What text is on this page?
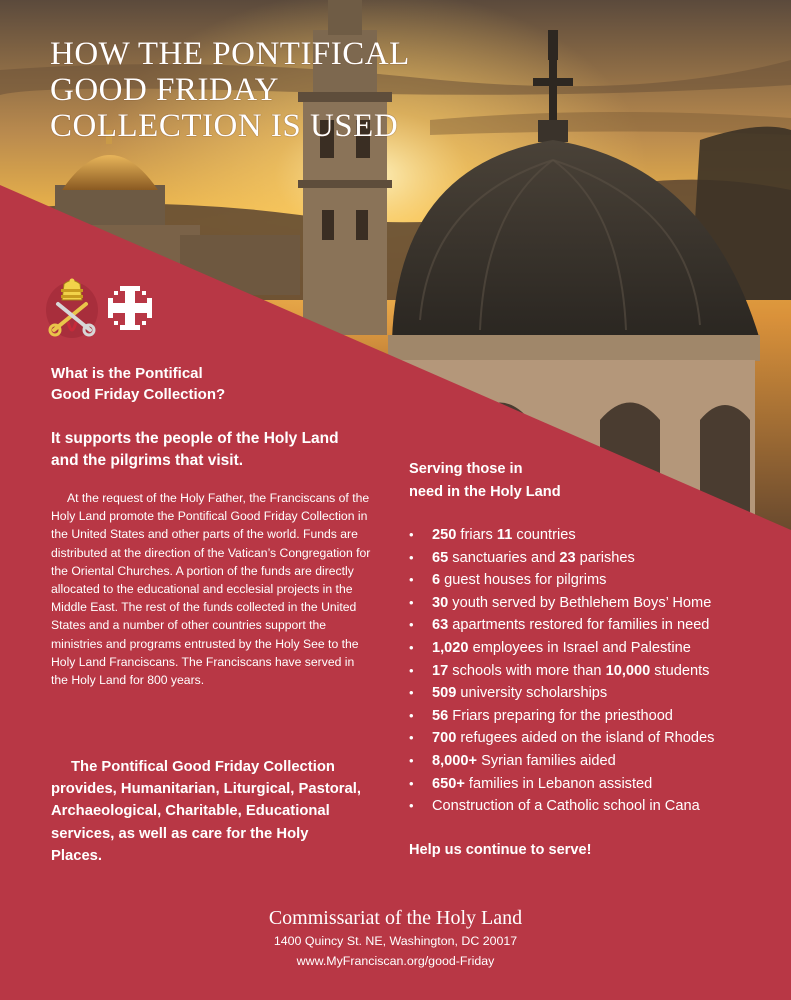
HOW THE PONTIFICAL
GOOD FRIDAY
COLLECTION IS USED
What is the Pontifical
Good Friday Collection?
It supports the people of the Holy Land
and the pilgrims that visit.

At the request of the Holy Father, the Franciscans of the Holy Land promote the Pontifical Good Friday Collection in the United States and other parts of the world. Funds are distributed at the direction of the Vatican’s Congregation for the Oriental Churches. A portion of the funds are directly allocated to the educational and ecclesial projects in the Middle East. The rest of the funds collected in the United States and a number of other countries support the ministries and programs entrusted by the Holy See to the Holy Land Franciscans. The Franciscans have served in the Holy Land for 800 years.

The Pontifical Good Friday Collection provides, Humanitarian, Liturgical, Pastoral, Archaeological, Charitable, Educational services, as well as care for the Holy Places.

Serving those in
need in the Holy Land
• 250 friars 11 countries
• 65 sanctuaries and 23 parishes
• 6 guest houses for pilgrims
• 30 youth served by Bethlehem Boys’ Home
• 63 apartments restored for families in need
• 1,020 employees in Israel and Palestine
• 17 schools with more than 10,000 students
• 509 university scholarships
• 56 Friars preparing for the priesthood
• 700 refugees aided on the island of Rhodes
• 8,000+ Syrian families aided
• 650+ families in Lebanon assisted
• Construction of a Catholic school in Cana

Help us continue to serve!

Commissariat of the Holy Land
1400 Quincy St. NE, Washington, DC 20017
www.MyFranciscan.org/good-Friday
